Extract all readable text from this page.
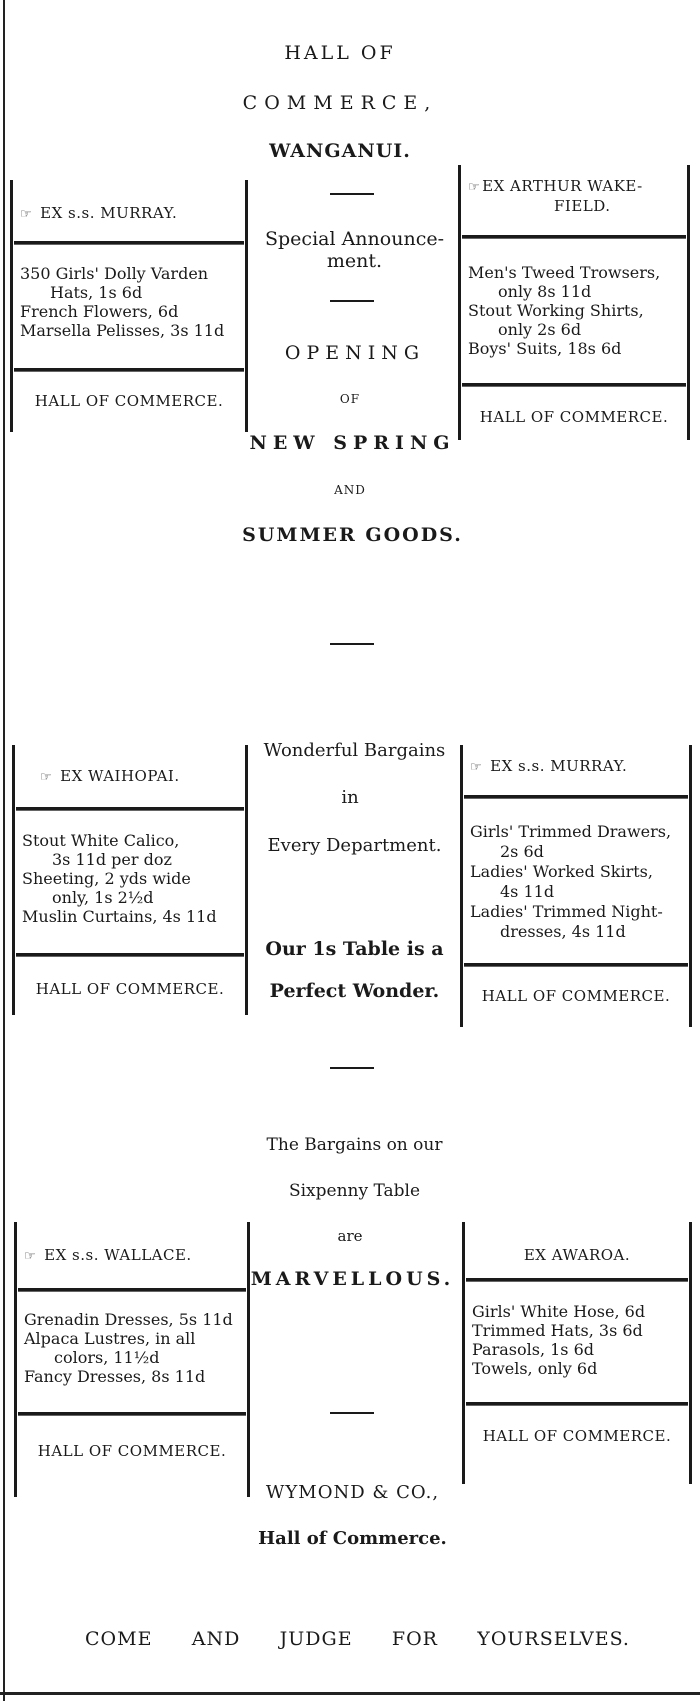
HALL OF
COMMERCE,
WANGANUI.
☞ EX s.s. MURRAY.
350 Girls' Dolly Varden
Hats, 1s 6d
French Flowers, 6d
Marsella Pelisses, 3s 11d
HALL OF COMMERCE.
Special Announce-
ment.
OPENING
OF
NEW SPRING
AND
SUMMER GOODS.
☞ EX ARTHUR WAKE-
FIELD.
Men's Tweed Trowsers,
only 8s 11d
Stout Working Shirts,
only 2s 6d
Boys' Suits, 18s 6d
HALL OF COMMERCE.
☞ EX WAIHOPAI.
Stout White Calico,
3s 11d per doz
Sheeting, 2 yds wide
only, 1s 2½d
Muslin Curtains, 4s 11d
HALL OF COMMERCE.
Wonderful Bargains
in
Every Department.
Our 1s Table is a
Perfect Wonder.
☞ EX s.s. MURRAY.
Girls' Trimmed Drawers,
2s 6d
Ladies' Worked Skirts,
4s 11d
Ladies' Trimmed Night-
dresses, 4s 11d
HALL OF COMMERCE.
The Bargains on our
Sixpenny Table
are
MARVELLOUS.
☞ EX s.s. WALLACE.
Grenadin Dresses, 5s 11d
Alpaca Lustres, in all
colors, 11½d
Fancy Dresses, 8s 11d
HALL OF COMMERCE.
EX AWAROA.
Girls' White Hose, 6d
Trimmed Hats, 3s 6d
Parasols, 1s 6d
Towels, only 6d
HALL OF COMMERCE.
WYMOND & CO.,
Hall of Commerce.
COME AND JUDGE FOR YOURSELVES.
